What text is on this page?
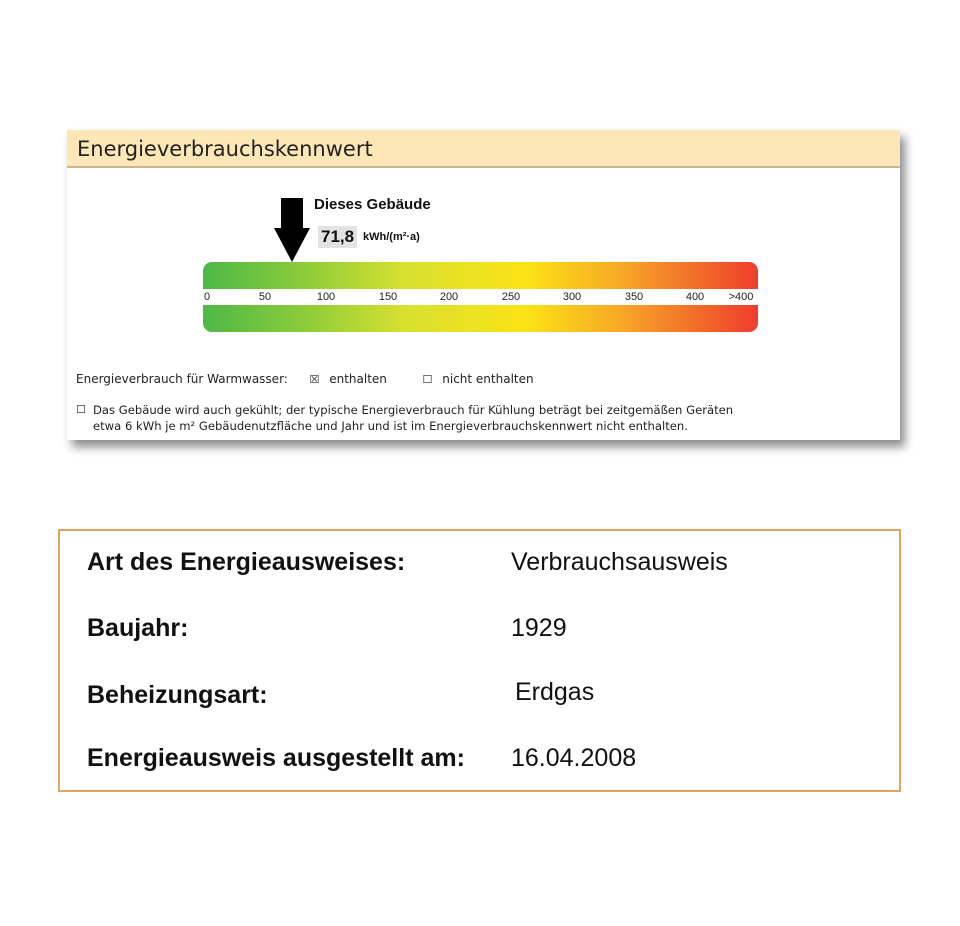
Energieverbrauchskennwert
Dieses Gebäude
71,8 kWh/(m²·a)
0	50	100	150	200	250	300	350	400 >400
Energieverbrauch für Warmwasser: ☒ enthalten	☐ nicht enthalten
☐ Das Gebäude wird auch gekühlt; der typische Energieverbrauch für Kühlung beträgt bei zeitgemäßen Geräten
etwa 6 kWh je m² Gebäudenutzfläche und Jahr und ist im Energieverbrauchskennwert nicht enthalten.
Art des Energieausweises:	Verbrauchsausweis
Baujahr:	1929
Beheizungsart:	Erdgas
Energieausweis ausgestellt am: 16.04.2008
